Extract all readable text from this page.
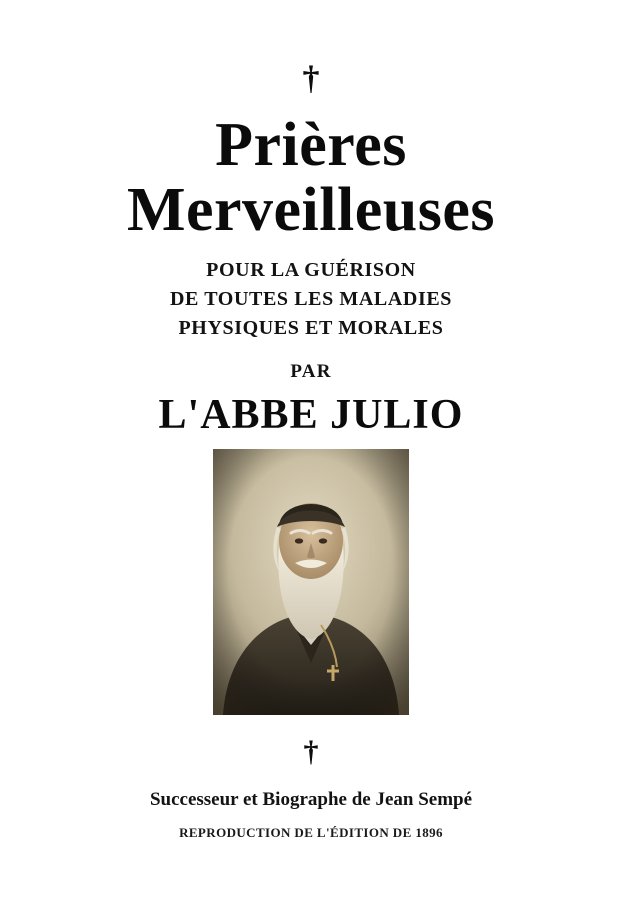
†
Prières
Merveilleuses
POUR LA GUÉRISON
DE TOUTES LES MALADIES
PHYSIQUES ET MORALES
PAR
L'ABBE JULIO
†
Successeur et Biographe de Jean Sempé
REPRODUCTION DE L'ÉDITION DE 1896
